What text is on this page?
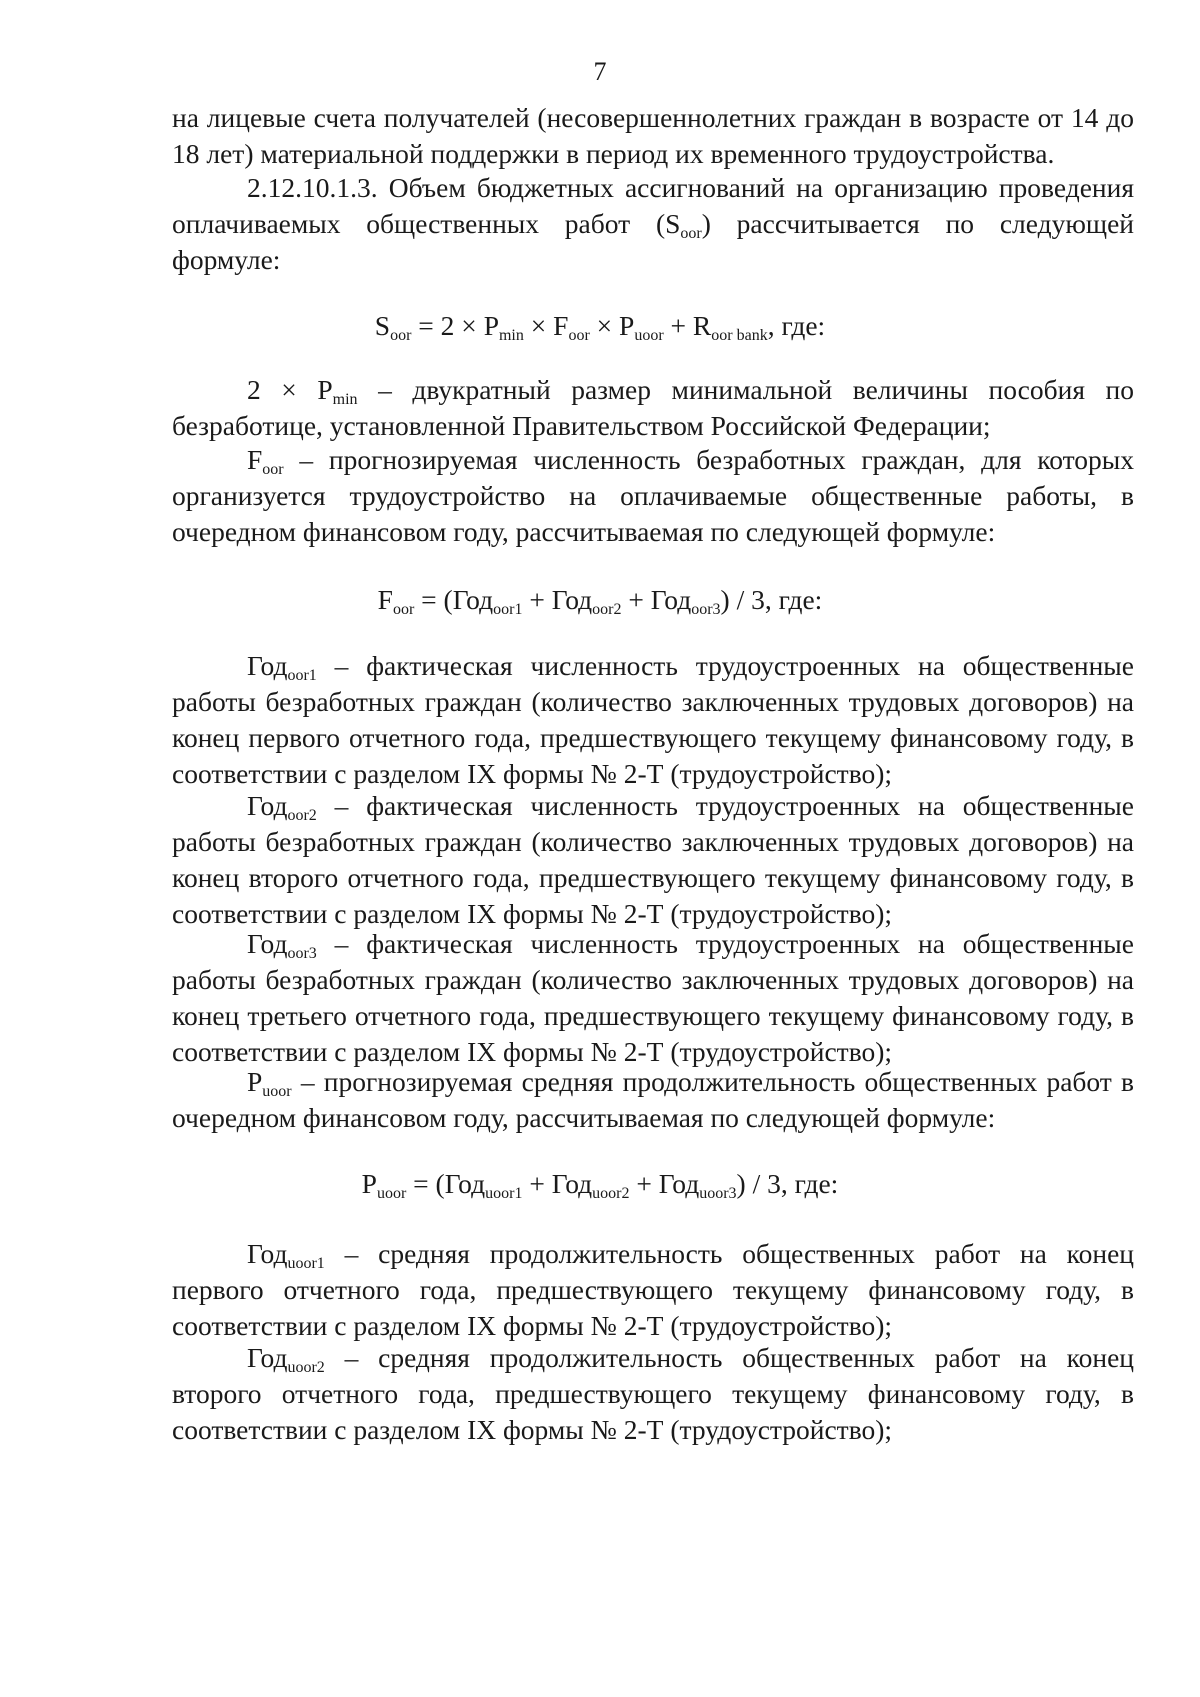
7
на лицевые счета получателей (несовершеннолетних граждан в возрасте от 14 до 18 лет) материальной поддержки в период их временного трудоустройства.
2.12.10.1.3. Объем бюджетных ассигнований на организацию проведения оплачиваемых общественных работ $(S_{oor})$ рассчитывается по следующей формуле:
$S_{oor} = 2 \times P_{min} \times F_{oor} \times P_{uoor} + R_{oor bank}$, где:
$2 \times P_{min}$ – двукратный размер минимальной величины пособия по безработице, установленной Правительством Российской Федерации;
$F_{oor}$ – прогнозируемая численность безработных граждан, для которых организуется трудоустройство на оплачиваемые общественные работы, в очередном финансовом году, рассчитываемая по следующей формуле:
$F_{oor} = (Год_{oor1} + Год_{oor2} + Год_{oor3}) / 3$, где:
Год$_{oor1}$ – фактическая численность трудоустроенных на общественные работы безработных граждан (количество заключенных трудовых договоров) на конец первого отчетного года, предшествующего текущему финансовому году, в соответствии с разделом IX формы № 2-Т (трудоустройство);
Год$_{oor2}$ – фактическая численность трудоустроенных на общественные работы безработных граждан (количество заключенных трудовых договоров) на конец второго отчетного года, предшествующего текущему финансовому году, в соответствии с разделом IX формы № 2-Т (трудоустройство);
Год$_{oor3}$ – фактическая численность трудоустроенных на общественные работы безработных граждан (количество заключенных трудовых договоров) на конец третьего отчетного года, предшествующего текущему финансовому году, в соответствии с разделом IX формы № 2-Т (трудоустройство);
$P_{uoor}$ – прогнозируемая средняя продолжительность общественных работ в очередном финансовом году, рассчитываемая по следующей формуле:
$P_{uoor} = (Год_{uoor1} + Год_{uoor2} + Год_{uoor3}) / 3$, где:
Год$_{uoor1}$ – средняя продолжительность общественных работ на конец первого отчетного года, предшествующего текущему финансовому году, в соответствии с разделом IX формы № 2-Т (трудоустройство);
Год$_{uoor2}$ – средняя продолжительность общественных работ на конец второго отчетного года, предшествующего текущему финансовому году, в соответствии с разделом IX формы № 2-Т (трудоустройство);
